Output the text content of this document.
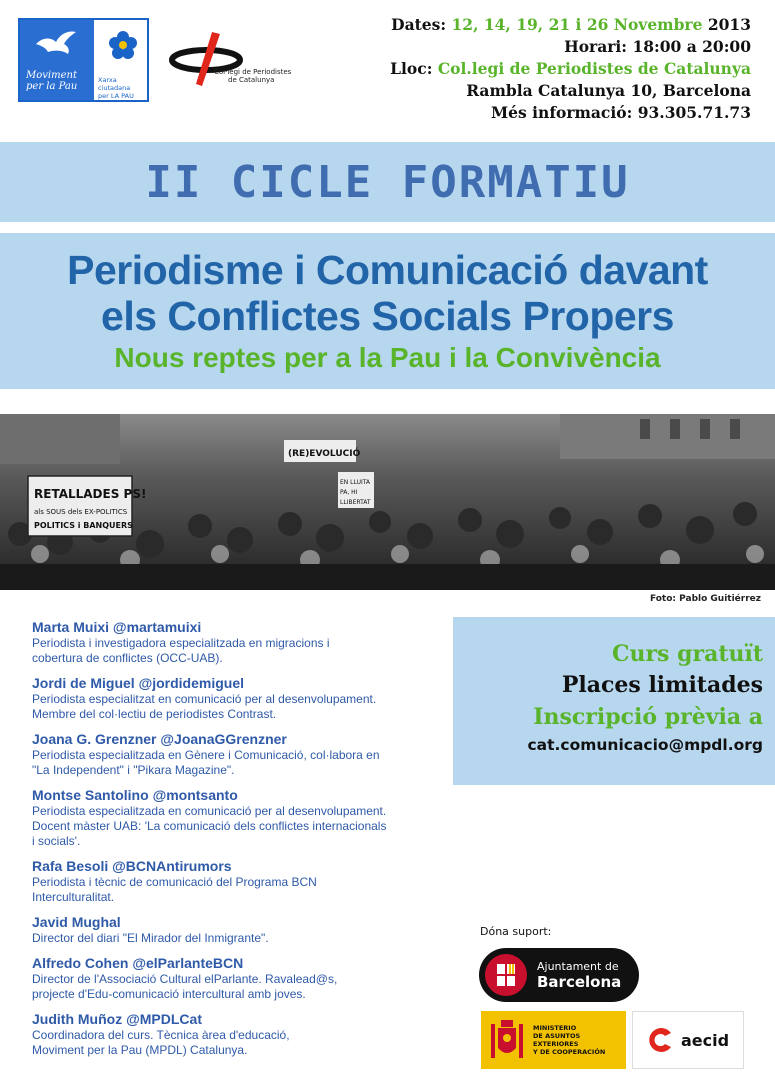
Moviment
per la Pau
Xarxa ciutadana
per LA PAU
Col·legi de Periodistes
de Catalunya
Dates: 12, 14, 19, 21 i 26 Novembre 2013
Horari: 18:00 a 20:00
Lloc: Col.legi de Periodistes de Catalunya
Rambla Catalunya 10, Barcelona
Més informació: 93.305.71.73
II CICLE FORMATIU
Periodisme i Comunicació davant
els Conflictes Socials Propers
Nous reptes per a la Pau i la Convivència
RETALLADES PS!
als SOUS dels EX-POLITICS
POLITICS i BANQUERS
(RE)EVOLUCIÓ
EN LLUITA
PA, HI
LLIBERTAT
Foto: Pablo Guitiérrez
Marta Muixi @martamuixi
Periodista i investigadora especialitzada en migracions i
cobertura de conflictes (OCC-UAB).
Jordi de Miguel @jordidemiguel
Periodista especialitzat en comunicació per al desenvolupament.
Membre del col·lectiu de periodistes Contrast.
Joana G. Grenzner @JoanaGGrenzner
Periodista especialitzada en Gènere i Comunicació, col·labora en
"La Independent" i "Pikara Magazine".
Montse Santolino @montsanto
Periodista especialitzada en comunicació per al desenvolupament.
Docent màster UAB: 'La comunicació dels conflictes internacionals
i socials'.
Rafa Besoli @BCNAntirumors
Periodista i tècnic de comunicació del Programa BCN
Interculturalitat.
Javid Mughal
Director del diari "El Mirador del Inmigrante".
Alfredo Cohen @elParlanteBCN
Director de l'Associació Cultural elParlante. Ravalead@s,
projecte d'Edu-comunicació intercultural amb joves.
Judith Muñoz @MPDLCat
Coordinadora del curs. Tècnica àrea d'educació,
Moviment per la Pau (MPDL) Catalunya.
Curs gratuït
Places limitades
Inscripció prèvia a
cat.comunicacio@mpdl.org
Dóna suport:
Ajuntament de
Barcelona
MINISTERIO
DE ASUNTOS EXTERIORES
Y DE COOPERACIÓN
aecid
